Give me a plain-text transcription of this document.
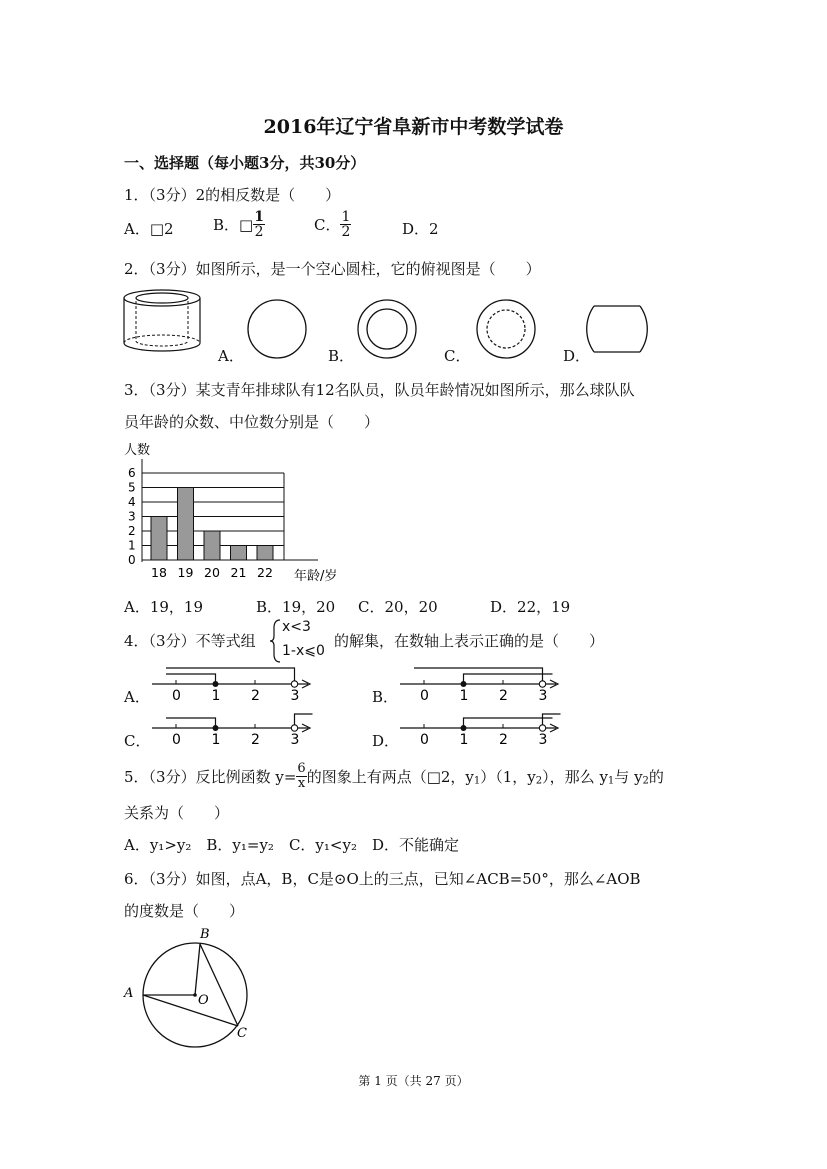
2016年辽宁省阜新市中考数学试卷
一、选择题（每小题3分，共30分）
1．（3分）2的相反数是（　　）
A．□2	B．□ $\frac{1}{2}$	C． $\frac{1}{2}$	D．2
2．（3分）如图所示，是一个空心圆柱，它的俯视图是（　　）
A．	B．	C．	D．
3．（3分）某支青年排球队有12名队员，队员年龄情况如图所示，那么球队队
员年龄的众数、中位数分别是（　　）
人数
0
1
2
3
4
5
6
18 19 20 21 22 年龄/岁
A．19，19	B．19，20 C．20，20	D．22，19
4．（3分）不等式组
x<3
1-x⩽0
的解集，在数轴上表示正确的是（　　）
A． 0 1 2 3	B． 0 1 2 3
C． 0 1 2 3	D． 0 1 2 3
5．（3分）反比例函数 $y= \frac{6}{x}$ 的图象上有两点（□2，$y_1)(1$，$y_2$），那么 $y_1$与 $y_2$的
关系为（　　）
A．y₁>y₂　B．y₁=y₂　C．y₁<y₂　D．不能确定
6．（3分）如图，点A，B，C是⊙O上的三点，已知∠ACB=50°，那么∠AOB
的度数是（　　）
B
A	O
C
第 1 页（共 27 页）
